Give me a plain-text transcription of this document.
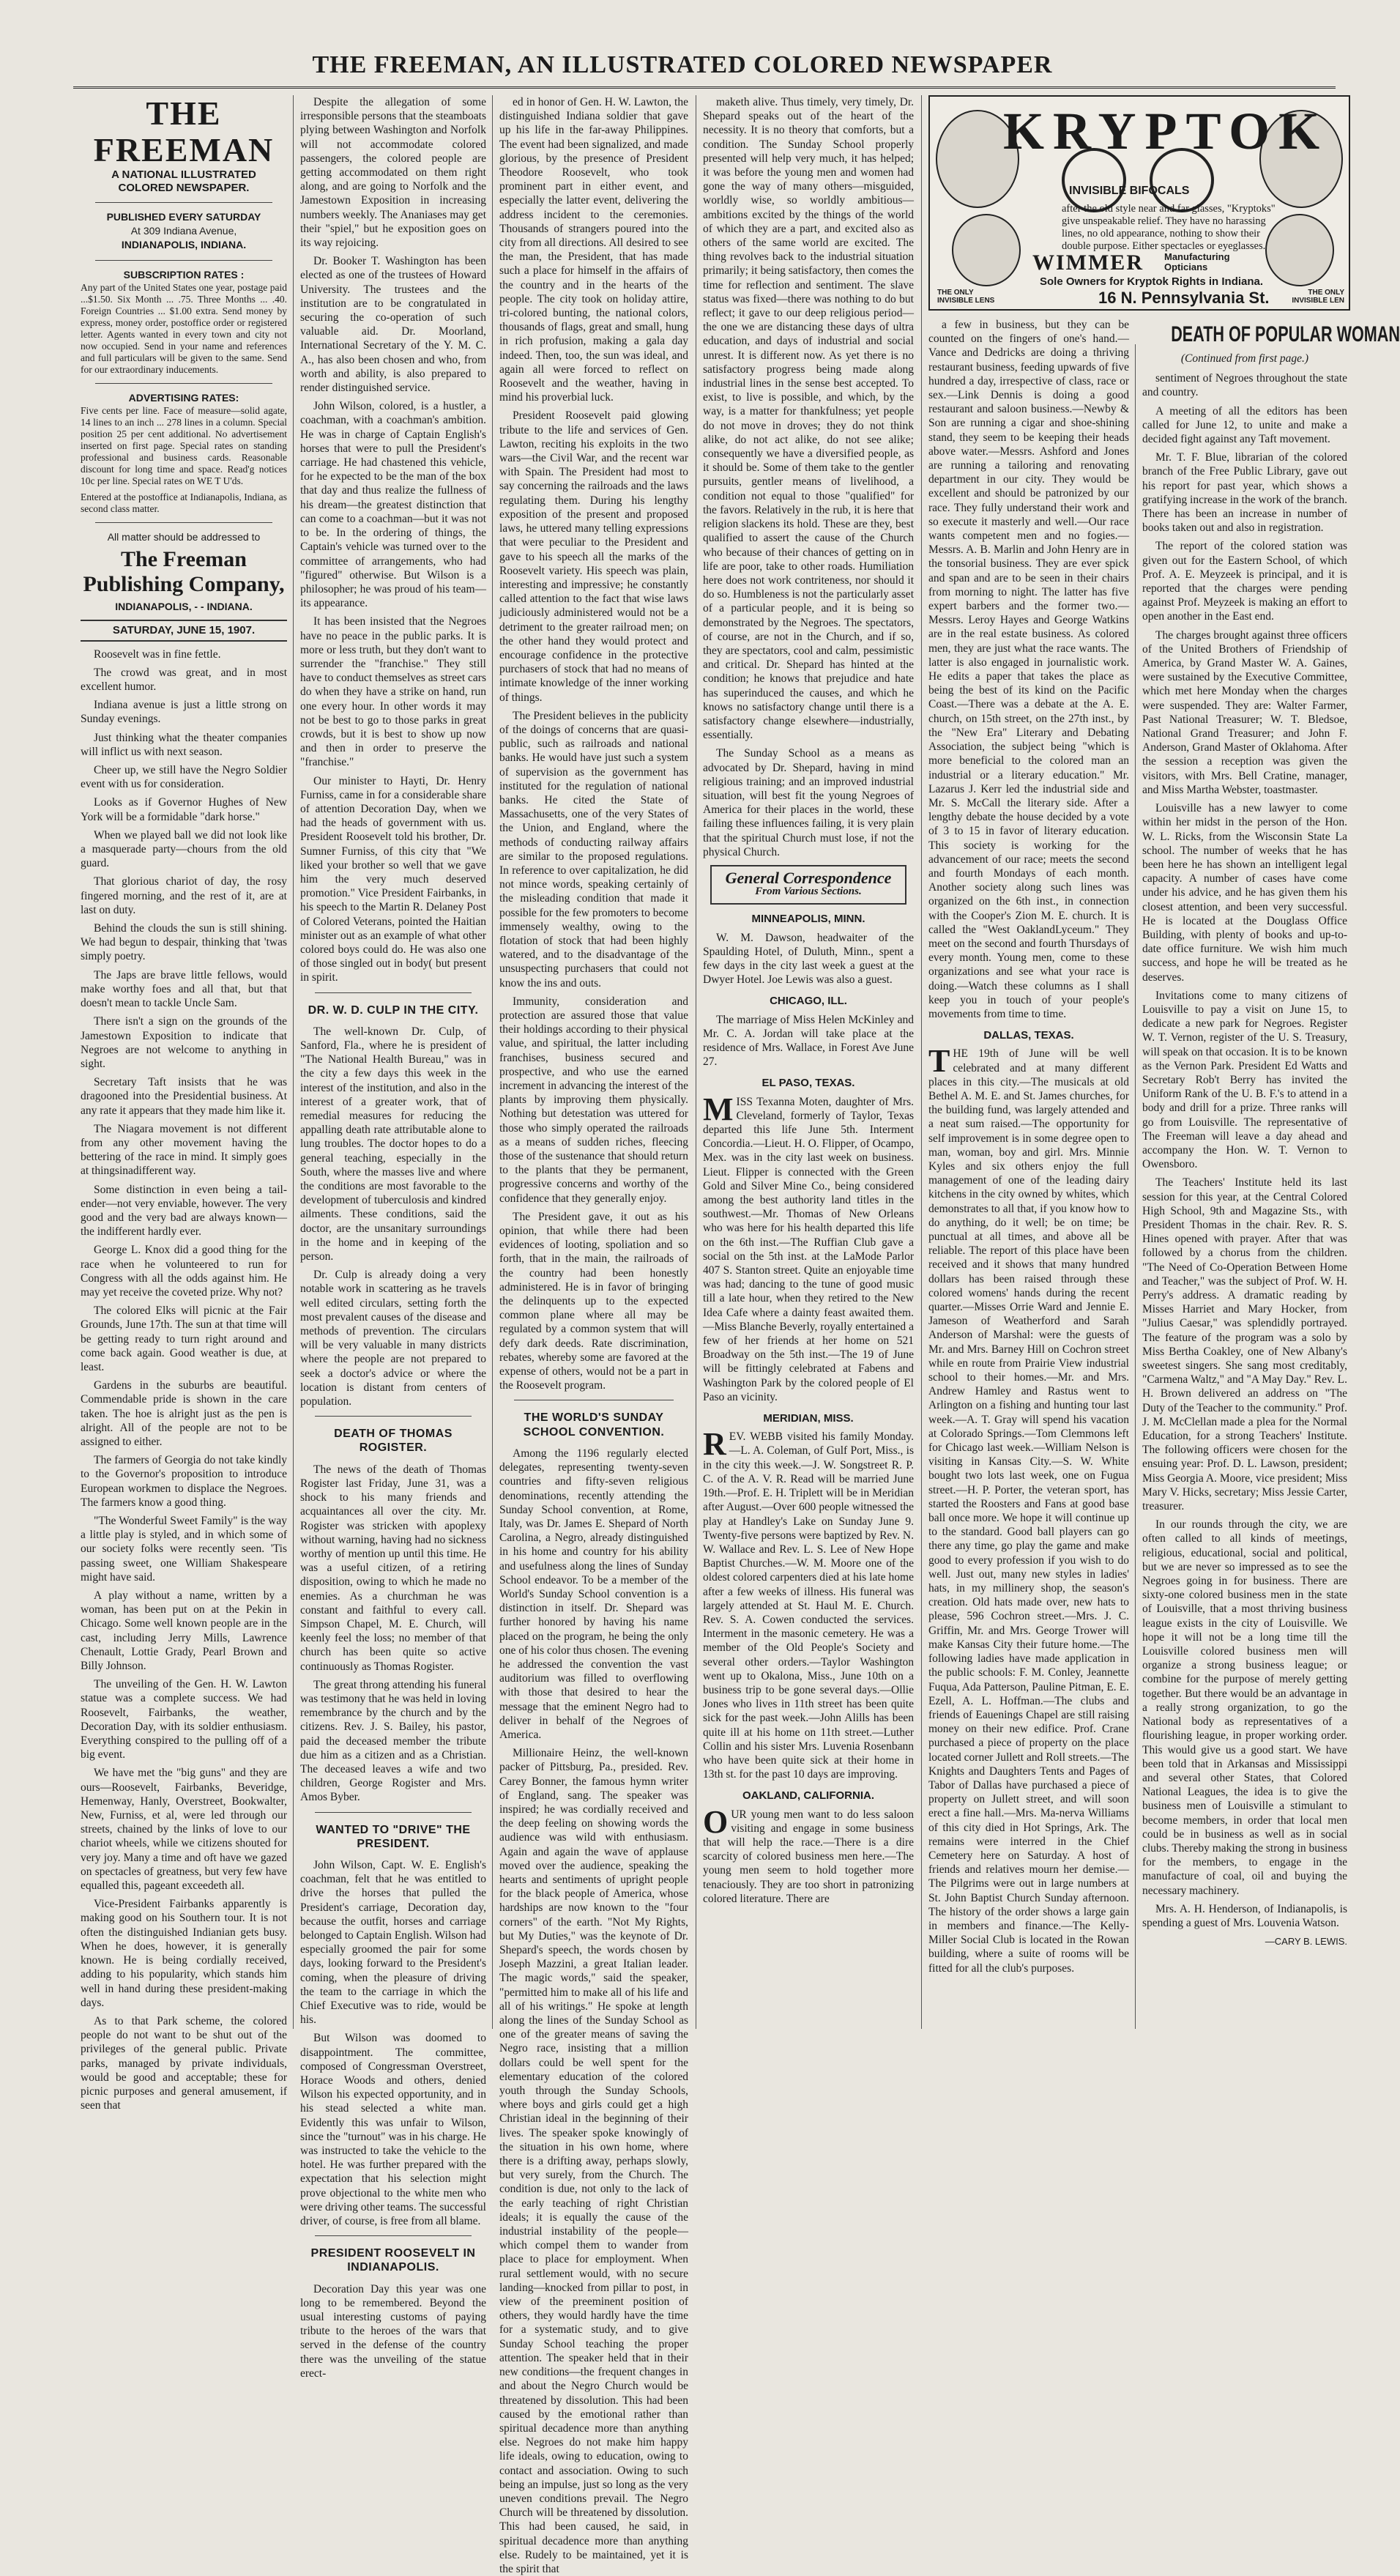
THE FREEMAN, AN ILLUSTRATED COLORED NEWSPAPER
THE FREEMAN
A NATIONAL ILLUSTRATED
COLORED NEWSPAPER.
PUBLISHED EVERY SATURDAY
At 309 Indiana Avenue,
INDIANAPOLIS, INDIANA.
SUBSCRIPTION RATES :

Any part of the United States one year, postage paid ...$1.50. Six Month ... .75. Three Months ... .40. Foreign Countries ... $1.00 extra. Send money by express, money order, postoffice order or registered letter. Agents wanted in every town and city not now occupied. Send in your name and references and full particulars will be given to the same. Send for our extraordinary inducements.

ADVERTISING RATES:

Five cents per line. Face of measure—solid agate, 14 lines to an inch ... 278 lines in a column. Special position 25 per cent additional. No advertisement inserted on first page. Special rates on standing professional and business cards. Reasonable discount for long time and space. Read'g notices 10c per line. Special rates on WE T U'ds.

Entered at the postoffice at Indianapolis, Indiana, as second class matter.

All matter should be addressed to
The Freeman Publishing Company,
INDIANAPOLIS, - - INDIANA.
SATURDAY, JUNE 15, 1907.

Roosevelt was in fine fettle.

The crowd was great, and in most excellent humor.

Indiana avenue is just a little strong on Sunday evenings.

Just thinking what the theater companies will inflict us with next season.

Cheer up, we still have the Negro Soldier event with us for consideration.

Looks as if Governor Hughes of New York will be a formidable "dark horse."

When we played ball we did not look like a masquerade party—chours from the old guard.

That glorious chariot of day, the rosy fingered morning, and the rest of it, are at last on duty.

Behind the clouds the sun is still shining. We had begun to despair, thinking that 'twas simply poetry.

The Japs are brave little fellows, would make worthy foes and all that, but that doesn't mean to tackle Uncle Sam.

There isn't a sign on the grounds of the Jamestown Exposition to indicate that Negroes are not welcome to anything in sight.

Secretary Taft insists that he was dragooned into the Presidential business. At any rate it appears that they made him like it.

The Niagara movement is not different from any other movement having the bettering of the race in mind. It simply goes at thingsinadifferent way.

Some distinction in even being a tail-ender—not very enviable, however. The very good and the very bad are always known—the indifferent hardly ever.

George L. Knox did a good thing for the race when he volunteered to run for Congress with all the odds against him. He may yet receive the coveted prize. Why not?

The colored Elks will picnic at the Fair Grounds, June 17th. The sun at that time will be getting ready to turn right around and come back again. Good weather is due, at least.

Gardens in the suburbs are beautiful. Commendable pride is shown in the care taken. The hoe is alright just as the pen is alright. All of the people are not to be assigned to either.

The farmers of Georgia do not take kindly to the Governor's proposition to introduce European workmen to displace the Negroes. The farmers know a good thing.

"The Wonderful Sweet Family" is the way a little play is styled, and in which some of our society folks were recently seen. 'Tis passing sweet, one William Shakespeare might have said.

A play without a name, written by a woman, has been put on at the Pekin in Chicago. Some well known people are in the cast, including Jerry Mills, Lawrence Chenault, Lottie Grady, Pearl Brown and Billy Johnson.

The unveiling of the Gen. H. W. Lawton statue was a complete success. We had Roosevelt, Fairbanks, the weather, Decoration Day, with its soldier enthusiasm. Everything conspired to the pulling off of a big event.

We have met the "big guns" and they are ours—Roosevelt, Fairbanks, Beveridge, Hemenway, Hanly, Overstreet, Bookwalter, New, Furniss, et al, were led through our streets, chained by the links of love to our chariot wheels, while we citizens shouted for very joy. Many a time and oft have we gazed on spectacles of greatness, but very few have equalled this, pageant exceedeth all.

Vice-President Fairbanks apparently is making good on his Southern tour. It is not often the distinguished Indianian gets busy. When he does, however, it is generally known. He is being cordially received, adding to his popularity, which stands him well in hand during these president-making days.

As to that Park scheme, the colored people do not want to be shut out of the privileges of the general public. Private parks, managed by private individuals, would be good and acceptable; these for picnic purposes and general amusement, if seen that

Despite the allegation of some irresponsible persons that the steamboats plying between Washington and Norfolk will not accommodate colored passengers, the colored people are getting accommodated on them right along, and are going to Norfolk and the Jamestown Exposition in increasing numbers weekly. The Ananiases may get their "spiel," but he exposition goes on its way rejoicing.

Dr. Booker T. Washington has been elected as one of the trustees of Howard University. The trustees and the institution are to be congratulated in securing the co-operation of such valuable aid. Dr. Moorland, International Secretary of the Y. M. C. A., has also been chosen and who, from worth and ability, is also prepared to render distinguished service.

John Wilson, colored, is a hustler, a coachman, with a coachman's ambition. He was in charge of Captain English's horses that were to pull the President's carriage. He had chastened this vehicle, for he expected to be the man of the box that day and thus realize the fullness of his dream—the greatest distinction that can come to a coachman—but it was not to be. In the ordering of things, the Captain's vehicle was turned over to the committee of arrangements, who had "figured" otherwise. But Wilson is a philosopher; he was proud of his team—its appearance.

It has been insisted that the Negroes have no peace in the public parks. It is more or less truth, but they don't want to surrender the "franchise." They still have to conduct themselves as street cars do when they have a strike on hand, run one every hour. In other words it may not be best to go to those parks in great crowds, but it is best to show up now and then in order to preserve the "franchise."

Our minister to Hayti, Dr. Henry Furniss, came in for a considerable share of attention Decoration Day, when we had the heads of government with us. President Roosevelt told his brother, Dr. Sumner Furniss, of this city that "We liked your brother so well that we gave him the very much deserved promotion." Vice President Fairbanks, in his speech to the Martin R. Delaney Post of Colored Veterans, pointed the Haitian minister out as an example of what other colored boys could do. He was also one of those singled out in body( but present in spirit.

DR. W. D. CULP IN THE CITY.

The well-known Dr. Culp, of Sanford, Fla., where he is president of "The National Health Bureau," was in the city a few days this week in the interest of the institution, and also in the interest of a greater work, that of remedial measures for reducing the appalling death rate attributable alone to lung troubles. The doctor hopes to do a general teaching, especially in the South, where the masses live and where the conditions are most favorable to the development of tuberculosis and kindred ailments. These conditions, said the doctor, are the unsanitary surroundings in the home and in keeping of the person.

Dr. Culp is already doing a very notable work in scattering as he travels well edited circulars, setting forth the most prevalent causes of the disease and methods of prevention. The circulars will be very valuable in many districts where the people are not prepared to seek a doctor's advice or where the location is distant from centers of population.

DEATH OF THOMAS ROGISTER.

The news of the death of Thomas Rogister last Friday, June 31, was a shock to his many friends and acquaintances all over the city. Mr. Rogister was stricken with apoplexy without warning, having had no sickness worthy of mention up until this time. He was a useful citizen, of a retiring disposition, owing to which he made no enemies. As a churchman he was constant and faithful to every call. Simpson Chapel, M. E. Church, will keenly feel the loss; no member of that church has been quite so active continuously as Thomas Rogister.

The great throng attending his funeral was testimony that he was held in loving remembrance by the church and by the citizens. Rev. J. S. Bailey, his pastor, paid the deceased member the tribute due him as a citizen and as a Christian. The deceased leaves a wife and two children, George Rogister and Mrs. Amos Byber.

WANTED TO "DRIVE" THE PRESIDENT.

John Wilson, Capt. W. E. English's coachman, felt that he was entitled to drive the horses that pulled the President's carriage, Decoration day, because the outfit, horses and carriage belonged to Captain English. Wilson had especially groomed the pair for some days, looking forward to the President's coming, when the pleasure of driving the team to the carriage in which the Chief Executive was to ride, would be his.

But Wilson was doomed to disappointment. The committee, composed of Congressman Overstreet, Horace Woods and others, denied Wilson his expected opportunity, and in his stead selected a white man. Evidently this was unfair to Wilson, since the "turnout" was in his charge. He was instructed to take the vehicle to the hotel. He was further prepared with the expectation that his selection might prove objectional to the white men who were driving other teams. The successful driver, of course, is free from all blame.

PRESIDENT ROOSEVELT IN INDIANAPOLIS.

Decoration Day this year was one long to be remembered. Beyond the usual interesting customs of paying tribute to the heroes of the wars that served in the defense of the country there was the unveiling of the statue erect-

ed in honor of Gen. H. W. Lawton, the distinguished Indiana soldier that gave up his life in the far-away Philippines. The event had been signalized, and made glorious, by the presence of President Theodore Roosevelt, who took prominent part in either event, and especially the latter event, delivering the address incident to the ceremonies. Thousands of strangers poured into the city from all directions. All desired to see the man, the President, that has made such a place for himself in the affairs of the country and in the hearts of the people. The city took on holiday attire, tri-colored bunting, the national colors, thousands of flags, great and small, hung in rich profusion, making a gala day indeed. Then, too, the sun was ideal, and again all were forced to reflect on Roosevelt and the weather, having in mind his proverbial luck.

President Roosevelt paid glowing tribute to the life and services of Gen. Lawton, reciting his exploits in the two wars—the Civil War, and the recent war with Spain. The President had most to say concerning the railroads and the laws regulating them. During his lengthy exposition of the present and proposed laws, he uttered many telling expressions that were peculiar to the President and gave to his speech all the marks of the Roosevelt variety. His speech was plain, interesting and impressive; he constantly called attention to the fact that wise laws judiciously administered would not be a detriment to the greater railroad men; on the other hand they would protect and encourage confidence in the protective purchasers of stock that had no means of intimate knowledge of the inner working of things.

The President believes in the publicity of the doings of concerns that are quasi-public, such as railroads and national banks. He would have just such a system of supervision as the government has instituted for the regulation of national banks. He cited the State of Massachusetts, one of the very States of the Union, and England, where the methods of conducting railway affairs are similar to the proposed regulations. In reference to over capitalization, he did not mince words, speaking certainly of the misleading condition that made it possible for the few promoters to become immensely wealthy, owing to the flotation of stock that had been highly watered, and to the disadvantage of the unsuspecting purchasers that could not know the ins and outs.

Immunity, consideration and protection are assured those that value their holdings according to their physical value, and spiritual, the latter including franchises, business secured and prospective, and who use the earned increment in advancing the interest of the plants by improving them physically. Nothing but detestation was uttered for those who simply operated the railroads as a means of sudden riches, fleecing those of the sustenance that should return to the plants that they be permanent, progressive concerns and worthy of the confidence that they generally enjoy.

The President gave, it out as his opinion, that while there had been evidences of looting, spoliation and so forth, that in the main, the railroads of the country had been honestly administered. He is in favor of bringing the delinquents up to the expected common plane where all may be regulated by a common system that will defy dark deeds. Rate discrimination, rebates, whereby some are favored at the expense of others, would not be a part in the Roosevelt program.

THE WORLD'S SUNDAY SCHOOL CONVENTION.

Among the 1196 regularly elected delegates, representing twenty-seven countries and fifty-seven religious denominations, recently attending the Sunday School convention, at Rome, Italy, was Dr. James E. Shepard of North Carolina, a Negro, already distinguished in his home and country for his ability and usefulness along the lines of Sunday School endeavor. To be a member of the World's Sunday School convention is a distinction in itself. Dr. Shepard was further honored by having his name placed on the program, he being the only one of his color thus chosen. The evening he addressed the convention the vast auditorium was filled to overflowing with those that desired to hear the message that the eminent Negro had to deliver in behalf of the Negroes of America.

Millionaire Heinz, the well-known packer of Pittsburg, Pa., presided. Rev. Carey Bonner, the famous hymn writer of England, sang. The speaker was inspired; he was cordially received and the deep feeling on showing words the audience was wild with enthusiasm. Again and again the wave of applause moved over the audience, speaking the hearts and sentiments of upright people for the black people of America, whose hardships are now known to the "four corners" of the earth. "Not My Rights, but My Duties," was the keynote of Dr. Shepard's speech, the words chosen by Joseph Mazzini, a great Italian leader. The magic words," said the speaker, "permitted him to make all of his life and all of his writings." He spoke at length along the lines of the Sunday School as one of the greater means of saving the Negro race, insisting that a million dollars could be well spent for the elementary education of the colored youth through the Sunday Schools, where boys and girls could get a high Christian ideal in the beginning of their lives. The speaker spoke knowingly of the situation in his own home, where there is a drifting away, perhaps slowly, but very surely, from the Church. The condition is due, not only to the lack of the early teaching of right Christian ideals; it is equally the cause of the industrial instability of the people—which compel them to wander from place to place for employment. When rural settlement would, with no secure landing—knocked from pillar to post, in view of the preeminent position of others, they would hardly have the time for a systematic study, and to give Sunday School teaching the proper attention. The speaker held that in their new conditions—the frequent changes in and about the Negro Church would be threatened by dissolution. This had been caused by the emotional rather than spiritual decadence more than anything else. Negroes do not make him happy life ideals, owing to education, owing to contact and association. Owing to such being an impulse, just so long as the very uneven conditions prevail. The Negro Church will be threatened by dissolution. This had been caused, he said, in spiritual decadence more than anything else. Rudely to be maintained, yet it is the spirit that

maketh alive. Thus timely, very timely, Dr. Shepard speaks out of the heart of the necessity. It is no theory that comforts, but a condition. The Sunday School properly presented will help very much, it has helped; it was before the young men and women had gone the way of many others—misguided, worldly wise, so worldly ambitious—ambitions excited by the things of the world of which they are a part, and excited also as others of the same world are excited. The thing revolves back to the industrial situation primarily; it being satisfactory, then comes the time for reflection and sentiment. The slave status was fixed—there was nothing to do but reflect; it gave to our deep religious period—the one we are distancing these days of ultra education, and days of industrial and social unrest. It is different now. As yet there is no satisfactory progress being made along industrial lines in the sense best accepted. To exist, to live is possible, and which, by the way, is a matter for thankfulness; yet people do not move in droves; they do not think alike, do not act alike, do not see alike; consequently we have a diversified people, as it should be. Some of them take to the gentler pursuits, gentler means of livelihood, a condition not equal to those "qualified" for the favors. Relatively in the rub, it is here that religion slackens its hold. These are they, best qualified to assert the cause of the Church who because of their chances of getting on in life are poor, take to other roads. Humiliation here does not work contriteness, nor should it do so. Humbleness is not the particularly asset of a particular people, and it is being so demonstrated by the Negroes. The spectators, of course, are not in the Church, and if so, they are spectators, cool and calm, pessimistic and critical. Dr. Shepard has hinted at the condition; he knows that prejudice and hate has superinduced the causes, and which he knows no satisfactory change until there is a satisfactory change elsewhere—industrially, essentially.

The Sunday School as a means as advocated by Dr. Shepard, having in mind religious training; and an improved industrial situation, will best fit the young Negroes of America for their places in the world, these failing these influences failing, it is very plain that the spiritual Church must lose, if not the physical Church.

General Correspondence
From Various Sections.
MINNEAPOLIS, MINN.

W. M. Dawson, headwaiter of the Spaulding Hotel, of Duluth, Minn., spent a few days in the city last week a guest at the Dwyer Hotel. Joe Lewis was also a guest.

CHICAGO, ILL.

The marriage of Miss Helen McKinley and Mr. C. A. Jordan will take place at the residence of Mrs. Wallace, in Forest Ave June 27.

EL PASO, TEXAS.

MISS Texanna Moten, daughter of Mrs. Cleveland, formerly of Taylor, Texas departed this life June 5th. Interment Concordia.—Lieut. H. O. Flipper, of Ocampo, Mex. was in the city last week on business. Lieut. Flipper is connected with the Green Gold and Silver Mine Co., being considered among the best authority land titles in the southwest.—Mr. Thomas of New Orleans who was here for his health departed this life on the 6th inst.—The Ruffian Club gave a social on the 5th inst. at the LaMode Parlor 407 S. Stanton street. Quite an enjoyable time was had; dancing to the tune of good music till a late hour, when they retired to the New Idea Cafe where a dainty feast awaited them.—Miss Blanche Beverly, royally entertained a few of her friends at her home on 521 Broadway on the 5th inst.—The 19 of June will be fittingly celebrated at Fabens and Washington Park by the colored people of El Paso an vicinity.

MERIDIAN, MISS.

REV. WEBB visited his family Monday.—L. A. Coleman, of Gulf Port, Miss., is in the city this week.—J. W. Songstreet R. P. C. of the A. V. R. Read will be married June 19th.—Prof. E. H. Triplett will be in Meridian after August.—Over 600 people witnessed the play at Handley's Lake on Sunday June 9. Twenty-five persons were baptized by Rev. N. W. Wallace and Rev. L. S. Lee of New Hope Baptist Churches.—W. M. Moore one of the oldest colored carpenters died at his late home after a few weeks of illness. His funeral was largely attended at St. Haul M. E. Church. Rev. S. A. Cowen conducted the services. Interment in the masonic cemetery. He was a member of the Old People's Society and several other orders.—Taylor Washington went up to Okalona, Miss., June 10th on a business trip to be gone several days.—Ollie Jones who lives in 11th street has been quite sick for the past week.—John Alills has been quite ill at his home on 11th street.—Luther Collin and his sister Mrs. Luvenia Rosenbann who have been quite sick at their home in 13th st. for the past 10 days are improving.

OAKLAND, CALIFORNIA.

OUR young men want to do less saloon visiting and engage in some business that will help the race.—There is a dire scarcity of colored business men here.—The young men seem to hold together more tenaciously. They are too short in patronizing colored literature. There are

KRYPTOK
INVISIBLE BIFOCALS
after the old style near and far glasses, "Kryptoks" give unspeakable relief. They have no harassing lines, no old appearance, nothing to show their double purpose. Either spectacles or eyeglasses.
WIMMER Manufacturing Opticians
Sole Owners for Kryptok Rights in Indiana.
16 N. Pennsylvania St.
THE ONLY INVISIBLE LENS
THE ONLY INVISIBLE LEN

a few in business, but they can be counted on the fingers of one's hand.—Vance and Dedricks are doing a thriving restaurant business, feeding upwards of five hundred a day, irrespective of class, race or sex.—Link Dennis is doing a good restaurant and saloon business.—Newby & Son are running a cigar and shoe-shining stand, they seem to be keeping their heads above water.—Messrs. Ashford and Jones are running a tailoring and renovating department in our city. They would be excellent and should be patronized by our race. They fully understand their work and so execute it masterly and well.—Our race wants competent men and no fogies.—Messrs. A. B. Marlin and John Henry are in the tonsorial business. They are ever spick and span and are to be seen in their chairs from morning to night. The latter has five expert barbers and the former two.—Messrs. Leroy Hayes and George Watkins are in the real estate business. As colored men, they are just what the race wants. The latter is also engaged in journalistic work. He edits a paper that takes the place as being the best of its kind on the Pacific Coast.—There was a debate at the A. E. church, on 15th street, on the 27th inst., by the "New Era" Literary and Debating Association, the subject being "which is more beneficial to the colored man an industrial or a literary education." Mr. Lazarus J. Kerr led the industrial side and Mr. S. McCall the literary side. After a lengthy debate the house decided by a vote of 3 to 15 in favor of literary education. This society is working for the advancement of our race; meets the second and fourth Mondays of each month. Another society along such lines was organized on the 6th inst., in connection with the Cooper's Zion M. E. church. It is called the "West OaklandLyceum." They meet on the second and fourth Thursdays of every month. Young men, come to these organizations and see what your race is doing.—Watch these columns as I shall keep you in touch of your people's movements from time to time.

DALLAS, TEXAS.

THE 19th of June will be well celebrated and at many different places in this city.—The musicals at old Bethel A. M. E. and St. James churches, for the building fund, was largely attended and a neat sum raised.—The opportunity for self improvement is in some degree open to man, woman, boy and girl. Mrs. Minnie Kyles and six others enjoy the full management of one of the leading dairy kitchens in the city owned by whites, which demonstrates to all that, if you know how to do anything, do it well; be on time; be punctual at all times, and above all be reliable. The report of this place have been received and it shows that many hundred dollars has been raised through these colored womens' hands during the recent quarter.—Misses Orrie Ward and Jennie E. Jameson of Weatherford and Sarah Anderson of Marshal: were the guests of Mr. and Mrs. Barney Hill on Cochron street while en route from Prairie View industrial school to their homes.—Mr. and Mrs. Andrew Hamley and Rastus went to Arlington on a fishing and hunting tour last week.—A. T. Gray will spend his vacation at Colorado Springs.—Tom Clemmons left for Chicago last week.—William Nelson is visiting in Kansas City.—S. W. White bought two lots last week, one on Fugua street.—H. P. Porter, the veteran sport, has started the Roosters and Fans at good base ball once more. We hope it will continue up to the standard. Good ball players can go there any time, go play the game and make good to every profession if you wish to do well. Just out, many new styles in ladies' hats, in my millinery shop, the season's creation. Old hats made over, new hats to please, 596 Cochron street.—Mrs. J. C. Griffin, Mr. and Mrs. George Trower will make Kansas City their future home.—The following ladies have made application in the public schools: F. M. Conley, Jeannette Fuqua, Ada Patterson, Pauline Pitman, E. E. Ezell, A. L. Hoffman.—The clubs and friends of Eauenings Chapel are still raising money on their new edifice. Prof. Crane purchased a piece of property on the place located corner Jullett and Roll streets.—The Knights and Daughters Tents and Pages of Tabor of Dallas have purchased a piece of property on Jullett street, and will soon erect a fine hall.—Mrs. Ma-nerva Williams of this city died in Hot Springs, Ark. The remains were interred in the Chief Cemetery here on Saturday. A host of friends and relatives mourn her demise.—The Pilgrims were out in large numbers at St. John Baptist Church Sunday afternoon. The history of the order shows a large gain in members and finance.—The Kelly-Miller Social Club is located in the Rowan building, where a suite of rooms will be fitted for all the club's purposes.

DEATH OF POPULAR WOMAN
(Continued from first page.)

sentiment of Negroes throughout the state and country.

A meeting of all the editors has been called for June 12, to unite and make a decided fight against any Taft movement.

Mr. T. F. Blue, librarian of the colored branch of the Free Public Library, gave out his report for past year, which shows a gratifying increase in the work of the branch. There has been an increase in number of books taken out and also in registration.

The report of the colored station was given out for the Eastern School, of which Prof. A. E. Meyzeek is principal, and it is reported that the charges were pending against Prof. Meyzeek is making an effort to open another in the East end.

The charges brought against three officers of the United Brothers of Friendship of America, by Grand Master W. A. Gaines, were sustained by the Executive Committee, which met here Monday when the charges were suspended. They are: Walter Farmer, Past National Treasurer; W. T. Bledsoe, National Grand Treasurer; and John F. Anderson, Grand Master of Oklahoma. After the session a reception was given the visitors, with Mrs. Bell Cratine, manager, and Miss Martha Webster, toastmaster.

Louisville has a new lawyer to come within her midst in the person of the Hon. W. L. Ricks, from the Wisconsin State La school. The number of weeks that he has been here he has shown an intelligent legal capacity. A number of cases have come under his advice, and he has given them his closest attention, and been very successful. He is located at the Douglass Office Building, with plenty of books and up-to-date office furniture. We wish him much success, and hope he will be treated as he deserves.

Invitations come to many citizens of Louisville to pay a visit on June 15, to dedicate a new park for Negroes. Register W. T. Vernon, register of the U. S. Treasury, will speak on that occasion. It is to be known as the Vernon Park. President Ed Watts and Secretary Rob't Berry has invited the Uniform Rank of the U. B. F.'s to attend in a body and drill for a prize. Three ranks will go from Louisville. The representative of The Freeman will leave a day ahead and accompany the Hon. W. T. Vernon to Owensboro.

The Teachers' Institute held its last session for this year, at the Central Colored High School, 9th and Magazine Sts., with President Thomas in the chair. Rev. R. S. Hines opened with prayer. After that was followed by a chorus from the children. "The Need of Co-Operation Between Home and Teacher," was the subject of Prof. W. H. Perry's address. A dramatic reading by Misses Harriet and Mary Hocker, from "Julius Caesar," was splendidly portrayed. The feature of the program was a solo by Miss Bertha Coakley, one of New Albany's sweetest singers. She sang most creditably, "Carmena Waltz," and "A May Day." Rev. L. H. Brown delivered an address on "The Duty of the Teacher to the community." Prof. J. M. McClellan made a plea for the Normal Education, for a strong Teachers' Institute. The following officers were chosen for the ensuing year: Prof. D. L. Lawson, president; Miss Georgia A. Moore, vice president; Miss Mary V. Hicks, secretary; Miss Jessie Carter, treasurer.

In our rounds through the city, we are often called to all kinds of meetings, religious, educational, social and political, but we are never so impressed as to see the Negroes going in for business. There are sixty-one colored business men in the state of Louisville, that a most thriving business league exists in the city of Louisville. We hope it will not be a long time till the Louisville colored business men will organize a strong business league; or combine for the purpose of merely getting together. But there would be an advantage in a really strong organization, to go the National body as representatives of a flourishing league, in proper working order. This would give us a good start. We have been told that in Arkansas and Mississippi and several other States, that Colored National Leagues, the idea is to give the business men of Louisville a stimulant to become members, in order that local men could be in business as well as in social clubs. Thereby making the strong in business for the members, to engage in the manufacture of coal, oil and buying the necessary machinery.

Mrs. A. H. Henderson, of Indianapolis, is spending a guest of Mrs. Louvenia Watson.

—CARY B. LEWIS.
